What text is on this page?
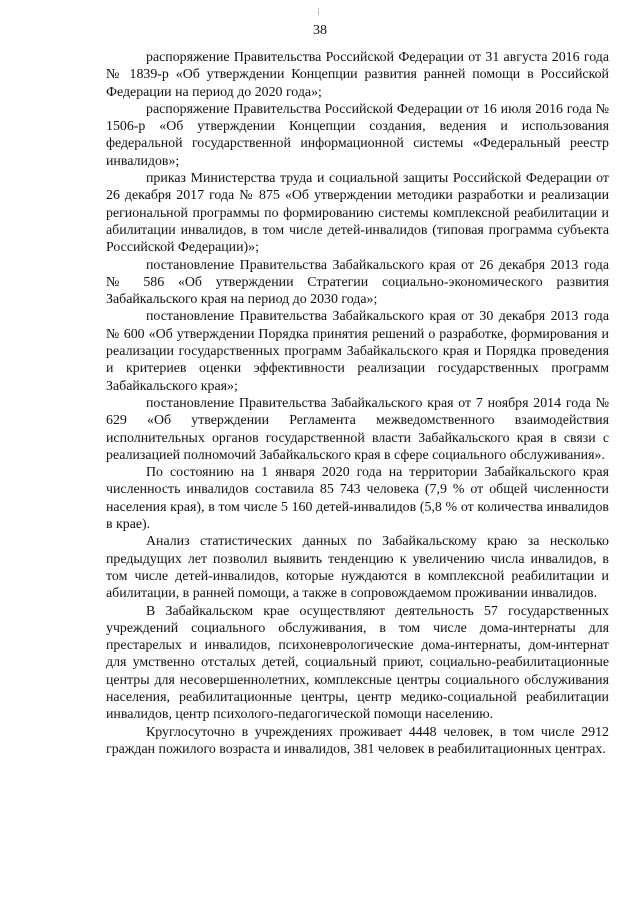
38

распоряжение Правительства Российской Федерации от 31 августа 2016 года № 1839-р «Об утверждении Концепции развития ранней помощи в Российской Федерации на период до 2020 года»;

распоряжение Правительства Российской Федерации от 16 июля 2016 года № 1506-р «Об утверждении Концепции создания, ведения и использования федеральной государственной информационной системы «Федеральный реестр инвалидов»;

приказ Министерства труда и социальной защиты Российской Федерации от 26 декабря 2017 года № 875 «Об утверждении методики разработки и реализации региональной программы по формированию системы комплексной реабилитации и абилитации инвалидов, в том числе детей-инвалидов (типовая программа субъекта Российской Федерации)»;

постановление Правительства Забайкальского края от 26 декабря 2013 года № 586 «Об утверждении Стратегии социально-экономического развития Забайкальского края на период до 2030 года»;

постановление Правительства Забайкальского края от 30 декабря 2013 года № 600 «Об утверждении Порядка принятия решений о разработке, формирования и реализации государственных программ Забайкальского края и Порядка проведения и критериев оценки эффективности реализации государственных программ Забайкальского края»;

постановление Правительства Забайкальского края от 7 ноября 2014 года № 629 «Об утверждении Регламента межведомственного взаимодействия исполнительных органов государственной власти Забайкальского края в связи с реализацией полномочий Забайкальского края в сфере социального обслуживания».

По состоянию на 1 января 2020 года на территории Забайкальского края численность инвалидов составила 85 743 человека (7,9 % от общей численности населения края), в том числе 5 160 детей-инвалидов (5,8 % от количества инвалидов в крае).

Анализ статистических данных по Забайкальскому краю за несколько предыдущих лет позволил выявить тенденцию к увеличению числа инвалидов, в том числе детей-инвалидов, которые нуждаются в комплексной реабилитации и абилитации, в ранней помощи, а также в сопровождаемом проживании инвалидов.

В Забайкальском крае осуществляют деятельность 57 государственных учреждений социального обслуживания, в том числе дома-интернаты для престарелых и инвалидов, психоневрологические дома-интернаты, дом-интернат для умственно отсталых детей, социальный приют, социально-реабилитационные центры для несовершеннолетних, комплексные центры социального обслуживания населения, реабилитационные центры, центр медико-социальной реабилитации инвалидов, центр психолого-педагогической помощи населению.

Круглосуточно в учреждениях проживает 4448 человек, в том числе 2912 граждан пожилого возраста и инвалидов, 381 человек в реабилитационных центрах.
